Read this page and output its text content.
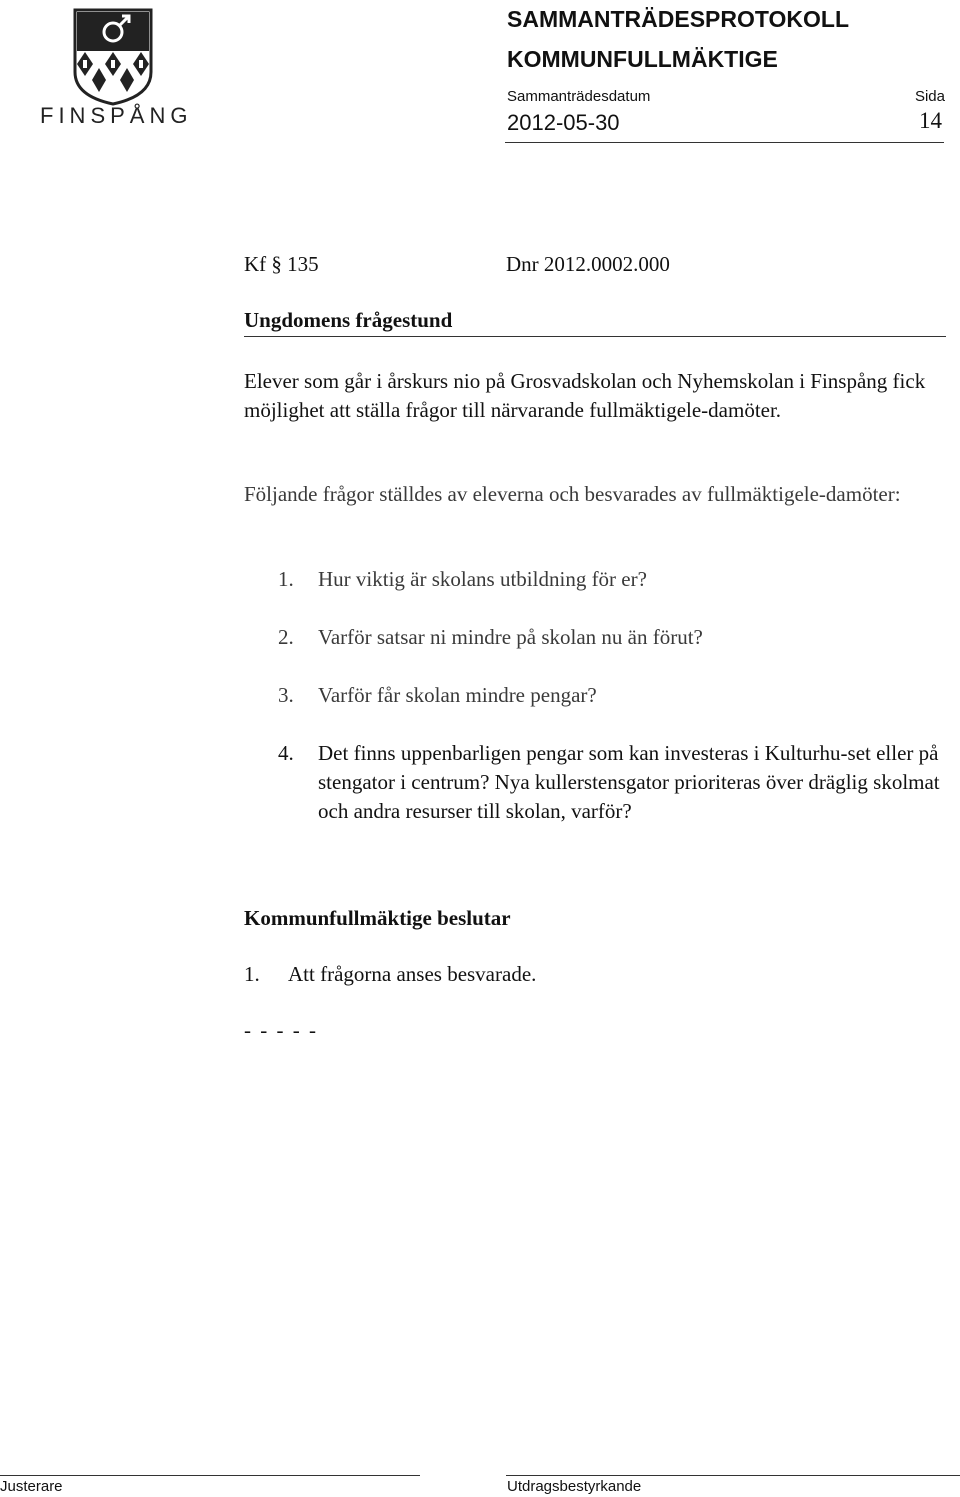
FINSPÅNG
SAMMANTRÄDESPROTOKOLL
KOMMUNFULLMÄKTIGE
Sammanträdesdatum	Sida
2012-05-30	14
Kf § 135	Dnr 2012.0002.000
Ungdomens frågestund
Elever som går i årskurs nio på Grosvadskolan och Nyhemskolan i Finspång fick möjlighet att ställa frågor till närvarande fullmäktigele-damöter.
Följande frågor ställdes av eleverna och besvarades av fullmäktigele-damöter:
1. Hur viktig är skolans utbildning för er?
2. Varför satsar ni mindre på skolan nu än förut?
3. Varför får skolan mindre pengar?
4. Det finns uppenbarligen pengar som kan investeras i Kulturhu-set eller på stengator i centrum? Nya kullerstensgator prioriteras över dräglig skolmat och andra resurser till skolan, varför?
Kommunfullmäktige beslutar
1. Att frågorna anses besvarade.
- - - - -
Justerare	Utdragsbestyrkande
